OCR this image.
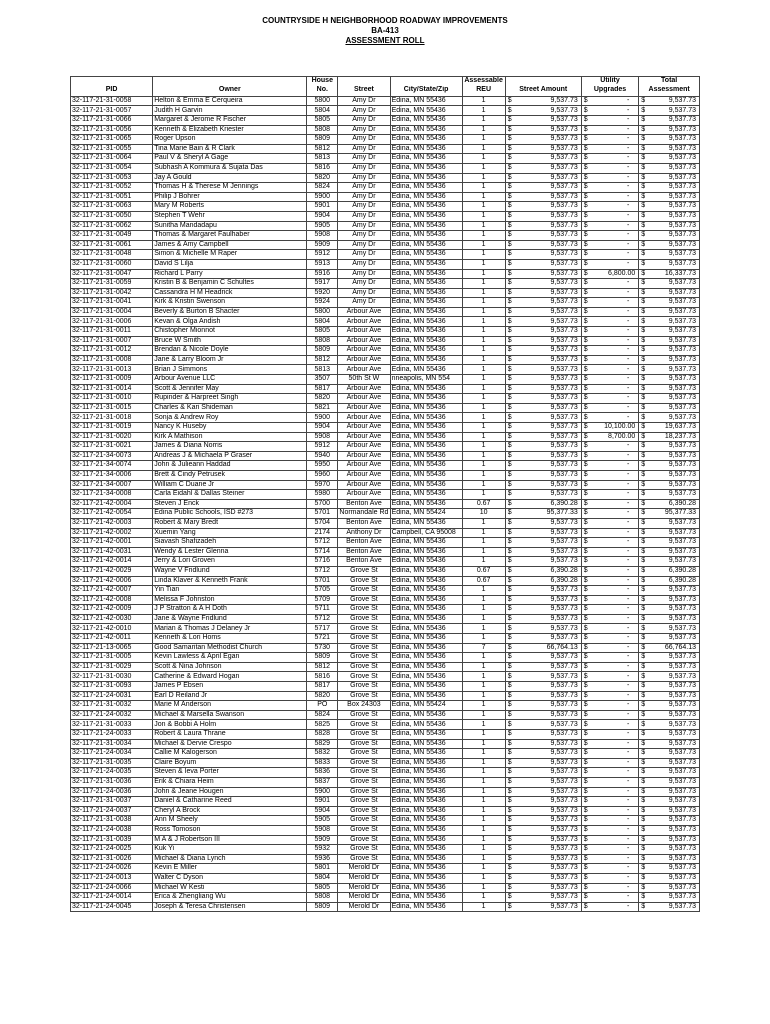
COUNTRYSIDE H NEIGHBORHOOD ROADWAY IMPROVEMENTS
BA-413
ASSESSMENT ROLL
		House			Assessable		Utility	Total
PID	Owner	No.	Street	City/State/Zip	REU	Street Amount	Upgrades	Assessment
32-117-21-31-0058	Helton & Emma E Cerqueira	5800	Amy Dr	Edina, MN 55436	1	$ 9,537.73	$ -	$ 9,537.73

32-117-21-31-0057	Judith H Garvin	5804	Amy Dr	Edina, MN 55436	1	$ 9,537.73	$ -	$ 9,537.73

32-117-21-31-0066	Margaret & Jerome R Fischer	5805	Amy Dr	Edina, MN 55436	1	$ 9,537.73	$ -	$ 9,537.73

32-117-21-31-0056	Kenneth & Elizabeth Kriester	5808	Amy Dr	Edina, MN 55436	1	$ 9,537.73	$ -	$ 9,537.73

32-117-21-31-0065	Roger Upson	5809	Amy Dr	Edina, MN 55436	1	$ 9,537.73	$ -	$ 9,537.73

32-117-21-31-0055	Tina Marie Bain & R Clark	5812	Amy Dr	Edina, MN 55436	1	$ 9,537.73	$ -	$ 9,537.73

32-117-21-31-0064	Paul V & Sheryl A Gage	5813	Amy Dr	Edina, MN 55436	1	$ 9,537.73	$ -	$ 9,537.73

32-117-21-31-0054	Subhash A Kommura & Sujata Das	5816	Amy Dr	Edina, MN 55436	1	$ 9,537.73	$ -	$ 9,537.73

32-117-21-31-0053	Jay A Gould	5820	Amy Dr	Edina, MN 55436	1	$ 9,537.73	$ -	$ 9,537.73

32-117-21-31-0052	Thomas H & Therese M Jennings	5824	Amy Dr	Edina, MN 55436	1	$ 9,537.73	$ -	$ 9,537.73

32-117-21-31-0051	Philip J Bohrer	5900	Amy Dr	Edina, MN 55436	1	$ 9,537.73	$ -	$ 9,537.73

32-117-21-31-0063	Mary M Roberts	5901	Amy Dr	Edina, MN 55436	1	$ 9,537.73	$ -	$ 9,537.73

32-117-21-31-0050	Stephen T Wehr	5904	Amy Dr	Edina, MN 55436	1	$ 9,537.73	$ -	$ 9,537.73

32-117-21-31-0062	Sunitha Mandadapu	5905	Amy Dr	Edina, MN 55436	1	$ 9,537.73	$ -	$ 9,537.73

32-117-21-31-0049	Thomas & Margaret Faulhaber	5908	Amy Dr	Edina, MN 55436	1	$ 9,537.73	$ -	$ 9,537.73

32-117-21-31-0061	James & Amy Campbell	5909	Amy Dr	Edina, MN 55436	1	$ 9,537.73	$ -	$ 9,537.73

32-117-21-31-0048	Simon & Michelle M Raper	5912	Amy Dr	Edina, MN 55436	1	$ 9,537.73	$ -	$ 9,537.73

32-117-21-31-0060	David S Lilja	5913	Amy Dr	Edina, MN 55436	1	$ 9,537.73	$ -	$ 9,537.73

32-117-21-31-0047	Richard L Parry	5916	Amy Dr	Edina, MN 55436	1	$ 9,537.73	$ 6,800.00	$ 16,337.73

32-117-21-31-0059	Kristin B & Benjamin C Schultes	5917	Amy Dr	Edina, MN 55436	1	$ 9,537.73	$ -	$ 9,537.73

32-117-21-31-0042	Cassandra H M Headrick	5920	Amy Dr	Edina, MN 55436	1	$ 9,537.73	$ -	$ 9,537.73

32-117-21-31-0041	Kirk & Kristin Swenson	5924	Amy Dr	Edina, MN 55436	1	$ 9,537.73	$ -	$ 9,537.73

32-117-21-31-0004	Beverly & Burton B Shacter	5800	Arbour Ave	Edina, MN 55436	1	$ 9,537.73	$ -	$ 9,537.73

32-117-21-31-0006	Kevan & Olga Andish	5804	Arbour Ave	Edina, MN 55436	1	$ 9,537.73	$ -	$ 9,537.73

32-117-21-31-0011	Chistopher Mionnot	5805	Arbour Ave	Edina, MN 55436	1	$ 9,537.73	$ -	$ 9,537.73

32-117-21-31-0007	Bruce W Smith	5808	Arbour Ave	Edina, MN 55436	1	$ 9,537.73	$ -	$ 9,537.73

32-117-21-31-0012	Brendan & Nicole Doyle	5809	Arbour Ave	Edina, MN 55436	1	$ 9,537.73	$ -	$ 9,537.73

32-117-21-31-0008	Jane & Larry Bloom Jr	5812	Arbour Ave	Edina, MN 55436	1	$ 9,537.73	$ -	$ 9,537.73

32-117-21-31-0013	Brian J Simmons	5813	Arbour Ave	Edina, MN 55436	1	$ 9,537.73	$ -	$ 9,537.73

32-117-21-31-0009	Arbour Avenue LLC	3507	50th St W	nneapolis, MN 554	1	$ 9,537.73	$ -	$ 9,537.73

32-117-21-31-0014	Scott & Jennifer May	5817	Arbour Ave	Edina, MN 55436	1	$ 9,537.73	$ -	$ 9,537.73

32-117-21-31-0010	Rupinder & Harpreet Singh	5820	Arbour Ave	Edina, MN 55436	1	$ 9,537.73	$ -	$ 9,537.73

32-117-21-31-0015	Charles & Kari Shideman	5821	Arbour Ave	Edina, MN 55436	1	$ 9,537.73	$ -	$ 9,537.73

32-117-21-31-0018	Sonja & Andrew Roy	5900	Arbour Ave	Edina, MN 55436	1	$ 9,537.73	$ -	$ 9,537.73

32-117-21-31-0019	Nancy K Huseby	5904	Arbour Ave	Edina, MN 55436	1	$ 9,537.73	$ 10,100.00	$ 19,637.73

32-117-21-31-0020	Kirk A Mathison	5908	Arbour Ave	Edina, MN 55436	1	$ 9,537.73	$ 8,700.00	$ 18,237.73

32-117-21-31-0021	James & Diana Norris	5912	Arbour Ave	Edina, MN 55436	1	$ 9,537.73	$ -	$ 9,537.73

32-117-21-34-0073	Andreas J & Michaela P Graser	5940	Arbour Ave	Edina, MN 55436	1	$ 9,537.73	$ -	$ 9,537.73

32-117-21-34-0074	John & Julieann Haddad	5950	Arbour Ave	Edina, MN 55436	1	$ 9,537.73	$ -	$ 9,537.73

32-117-21-34-0006	Brett & Cindy Petrusek	5960	Arbour Ave	Edina, MN 55436	1	$ 9,537.73	$ -	$ 9,537.73

32-117-21-34-0007	William C Duane Jr	5970	Arbour Ave	Edina, MN 55436	1	$ 9,537.73	$ -	$ 9,537.73

32-117-21-34-0008	Carla Eidahl & Dallas Steiner	5980	Arbour Ave	Edina, MN 55436	1	$ 9,537.73	$ -	$ 9,537.73

32-117-21-42-0004	Steven J Enck	5700	Benton Ave	Edina, MN 55436	0.67	$ 6,390.28	$ -	$ 6,390.28

32-117-21-42-0054	Edina Public Schools, ISD #273	5701	Normandale Rd	Edina, MN 55424	10	$ 95,377.33	$ -	$ 95,377.33

32-117-21-42-0003	Robert & Mary Bredt	5704	Benton Ave	Edina, MN 55436	1	$ 9,537.73	$ -	$ 9,537.73

32-117-21-42-0002	Xuemin Yang	2174	Anthony Dr	Campbell, CA 95008	1	$ 9,537.73	$ -	$ 9,537.73

32-117-21-42-0001	Siavash Shafizadeh	5712	Benton Ave	Edina, MN 55436	1	$ 9,537.73	$ -	$ 9,537.73

32-117-21-42-0031	Wendy & Lester Glenna	5714	Benton Ave	Edina, MN 55436	1	$ 9,537.73	$ -	$ 9,537.73

32-117-21-42-0014	Jerry & Lori Groven	5716	Benton Ave	Edina, MN 55436	1	$ 9,537.73	$ -	$ 9,537.73

32-117-21-42-0029	Wayne V Fridlund	5712	Grove St	Edina, MN 55436	0.67	$ 6,390.28	$ -	$ 6,390.28

32-117-21-42-0006	Linda Klaver & Kenneth Frank	5701	Grove St	Edina, MN 55436	0.67	$ 6,390.28	$ -	$ 6,390.28

32-117-21-42-0007	Yin Tian	5705	Grove St	Edina, MN 55436	1	$ 9,537.73	$ -	$ 9,537.73

32-117-21-42-0008	Melissa F Johnston	5709	Grove St	Edina, MN 55436	1	$ 9,537.73	$ -	$ 9,537.73

32-117-21-42-0009	J P Stratton & A H Doth	5711	Grove St	Edina, MN 55436	1	$ 9,537.73	$ -	$ 9,537.73

32-117-21-42-0030	Jane & Wayne Fridlund	5712	Grove St	Edina, MN 55436	1	$ 9,537.73	$ -	$ 9,537.73

32-117-21-42-0010	Marian & Thomas J Delaney Jr	5717	Grove St	Edina, MN 55436	1	$ 9,537.73	$ -	$ 9,537.73

32-117-21-42-0011	Kenneth & Lori Homs	5721	Grove St	Edina, MN 55436	1	$ 9,537.73	$ -	$ 9,537.73

32-117-21-13-0065	Good Samaritan Methodist Church	5730	Grove St	Edina, MN 55436	7	$ 66,764.13	$ -	$ 66,764.13

32-117-21-31-0005	Kevin Lawless & April Egan	5809	Grove St	Edina, MN 55436	1	$ 9,537.73	$ -	$ 9,537.73

32-117-21-31-0029	Scott & Nina Johnson	5812	Grove St	Edina, MN 55436	1	$ 9,537.73	$ -	$ 9,537.73

32-117-21-31-0030	Catherine & Edward Hogan	5816	Grove St	Edina, MN 55436	1	$ 9,537.73	$ -	$ 9,537.73

32-117-21-31-0093	James P Ebsen	5817	Grove St	Edina, MN 55436	1	$ 9,537.73	$ -	$ 9,537.73

32-117-21-24-0031	Earl D Reiland Jr	5820	Grove St	Edina, MN 55436	1	$ 9,537.73	$ -	$ 9,537.73

32-117-21-31-0032	Marie M Anderson	PO	Box 24303	Edina, MN 55424	1	$ 9,537.73	$ -	$ 9,537.73

32-117-21-24-0032	Michael & Marsella Swanson	5824	Grove St	Edina, MN 55436	1	$ 9,537.73	$ -	$ 9,537.73

32-117-21-31-0033	Jon & Bobbi A Holm	5825	Grove St	Edina, MN 55436	1	$ 9,537.73	$ -	$ 9,537.73

32-117-21-24-0033	Robert & Laura Thrane	5828	Grove St	Edina, MN 55436	1	$ 9,537.73	$ -	$ 9,537.73

32-117-21-31-0034	Michael & Dervie Crespo	5829	Grove St	Edina, MN 55436	1	$ 9,537.73	$ -	$ 9,537.73

32-117-21-24-0034	Callie M Kalogerson	5832	Grove St	Edina, MN 55436	1	$ 9,537.73	$ -	$ 9,537.73

32-117-21-31-0035	Claire Boyum	5833	Grove St	Edina, MN 55436	1	$ 9,537.73	$ -	$ 9,537.73

32-117-21-24-0035	Steven & Ieva Porter	5836	Grove St	Edina, MN 55436	1	$ 9,537.73	$ -	$ 9,537.73

32-117-21-31-0036	Erik & Chiara Heim	5837	Grove St	Edina, MN 55436	1	$ 9,537.73	$ -	$ 9,537.73

32-117-21-24-0036	John & Jeane Hougen	5900	Grove St	Edina, MN 55436	1	$ 9,537.73	$ -	$ 9,537.73

32-117-21-31-0037	Daniel & Catharine Reed	5901	Grove St	Edina, MN 55436	1	$ 9,537.73	$ -	$ 9,537.73

32-117-21-24-0037	Cheryl A Brock	5904	Grove St	Edina, MN 55436	1	$ 9,537.73	$ -	$ 9,537.73

32-117-21-31-0038	Ann M Sheely	5905	Grove St	Edina, MN 55436	1	$ 9,537.73	$ -	$ 9,537.73

32-117-21-24-0038	Ross Tomoson	5908	Grove St	Edina, MN 55436	1	$ 9,537.73	$ -	$ 9,537.73

32-117-21-31-0039	M A & J Robertson III	5909	Grove St	Edina, MN 55436	1	$ 9,537.73	$ -	$ 9,537.73

32-117-21-24-0025	Kuk Yi	5932	Grove St	Edina, MN 55436	1	$ 9,537.73	$ -	$ 9,537.73

32-117-21-31-0026	Michael & Diana Lynch	5936	Grove St	Edina, MN 55436	1	$ 9,537.73	$ -	$ 9,537.73

32-117-21-24-0026	Kevin E Miller	5801	Merold Dr	Edina, MN 55436	1	$ 9,537.73	$ -	$ 9,537.73

32-117-21-24-0013	Walter C Dyson	5804	Merold Dr	Edina, MN 55436	1	$ 9,537.73	$ -	$ 9,537.73

32-117-21-24-0066	Michael W Kesti	5805	Merold Dr	Edina, MN 55436	1	$ 9,537.73	$ -	$ 9,537.73

32-117-21-24-0014	Erica & Zhengliang Wu	5808	Merold Dr	Edina, MN 55436	1	$ 9,537.73	$ -	$ 9,537.73

32-117-21-24-0045	Joseph & Teresa Christensen	5809	Merold Dr	Edina, MN 55436	1	$ 9,537.73	$ -	$ 9,537.73
